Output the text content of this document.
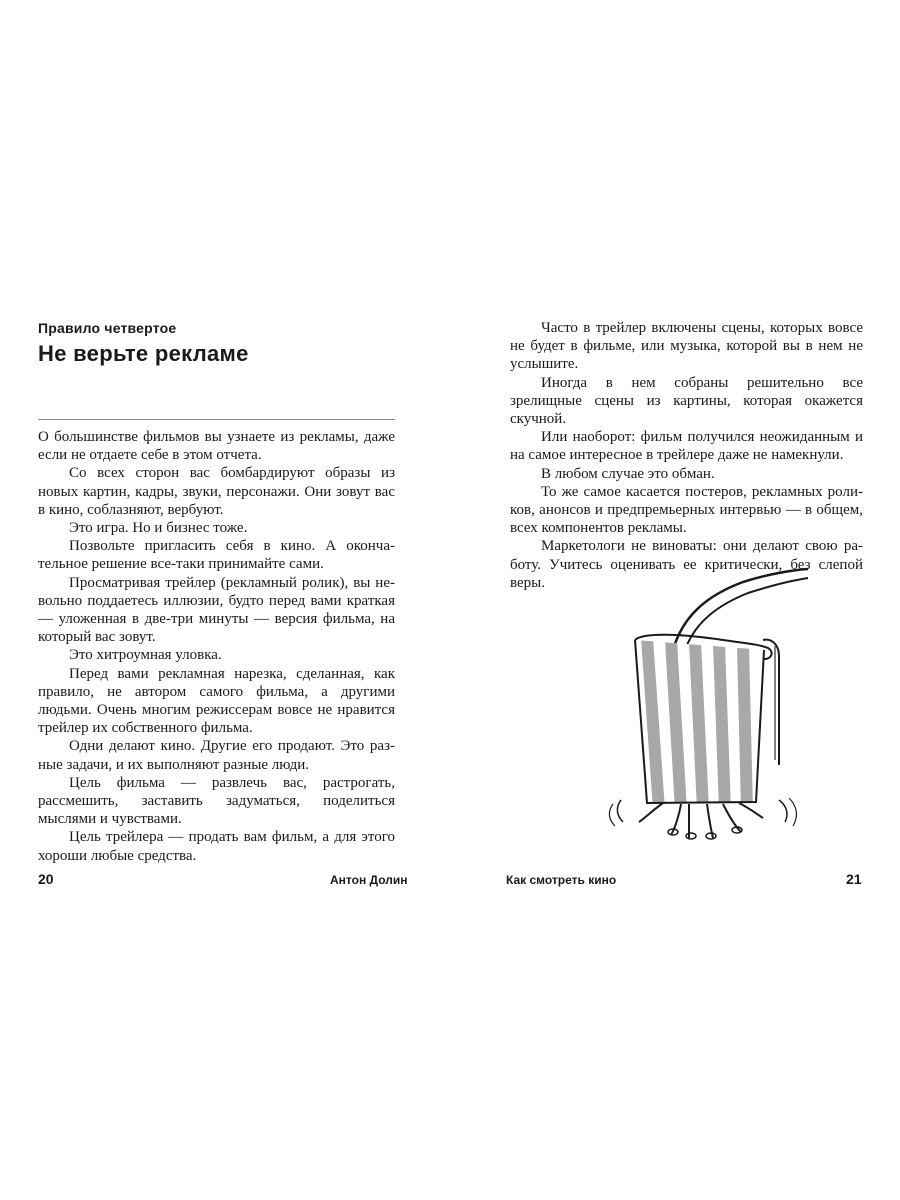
Правило четвертое
Не верьте рекламе

О большинстве фильмов вы узнаете из рекламы, даже если не отдаете себе в этом отчета.

Со всех сторон вас бомбардируют образы из новых картин, кадры, звуки, персонажи. Они зовут вас в кино, соблазняют, вербуют.

Это игра. Но и бизнес тоже.

Позвольте пригласить себя в кино. А окончательное решение все-таки принимайте сами.

Просматривая трейлер (рекламный ролик), вы невольно поддаетесь иллюзии, будто перед вами краткая — уложенная в две-три минуты — версия фильма, на который вас зовут.

Это хитроумная уловка.

Перед вами рекламная нарезка, сделанная, как правило, не автором самого фильма, а другими людьми. Очень многим режиссерам вовсе не нравится трейлер их собственного фильма.

Одни делают кино. Другие его продают. Это разные задачи, и их выполняют разные люди.

Цель фильма — развлечь вас, растрогать, рассмешить, заставить задуматься, поделиться мыслями и чувствами.

Цель трейлера — продать вам фильм, а для этого хороши любые средства.

20	Антон Долин

Часто в трейлер включены сцены, которых вовсе не будет в фильме, или музыка, которой вы в нем не услышите.

Иногда в нем собраны решительно все зрелищные сцены из картины, которая окажется скучной.

Или наоборот: фильм получился неожиданным и на самое интересное в трейлере даже не намекнули.

В любом случае это обман.

То же самое касается постеров, рекламных роликов, анонсов и предпремьерных интервью — в общем, всех компонентов рекламы.

Маркетологи не виноваты: они делают свою работу. Учитесь оценивать ее критически, без слепой веры.

Как смотреть кино	21
